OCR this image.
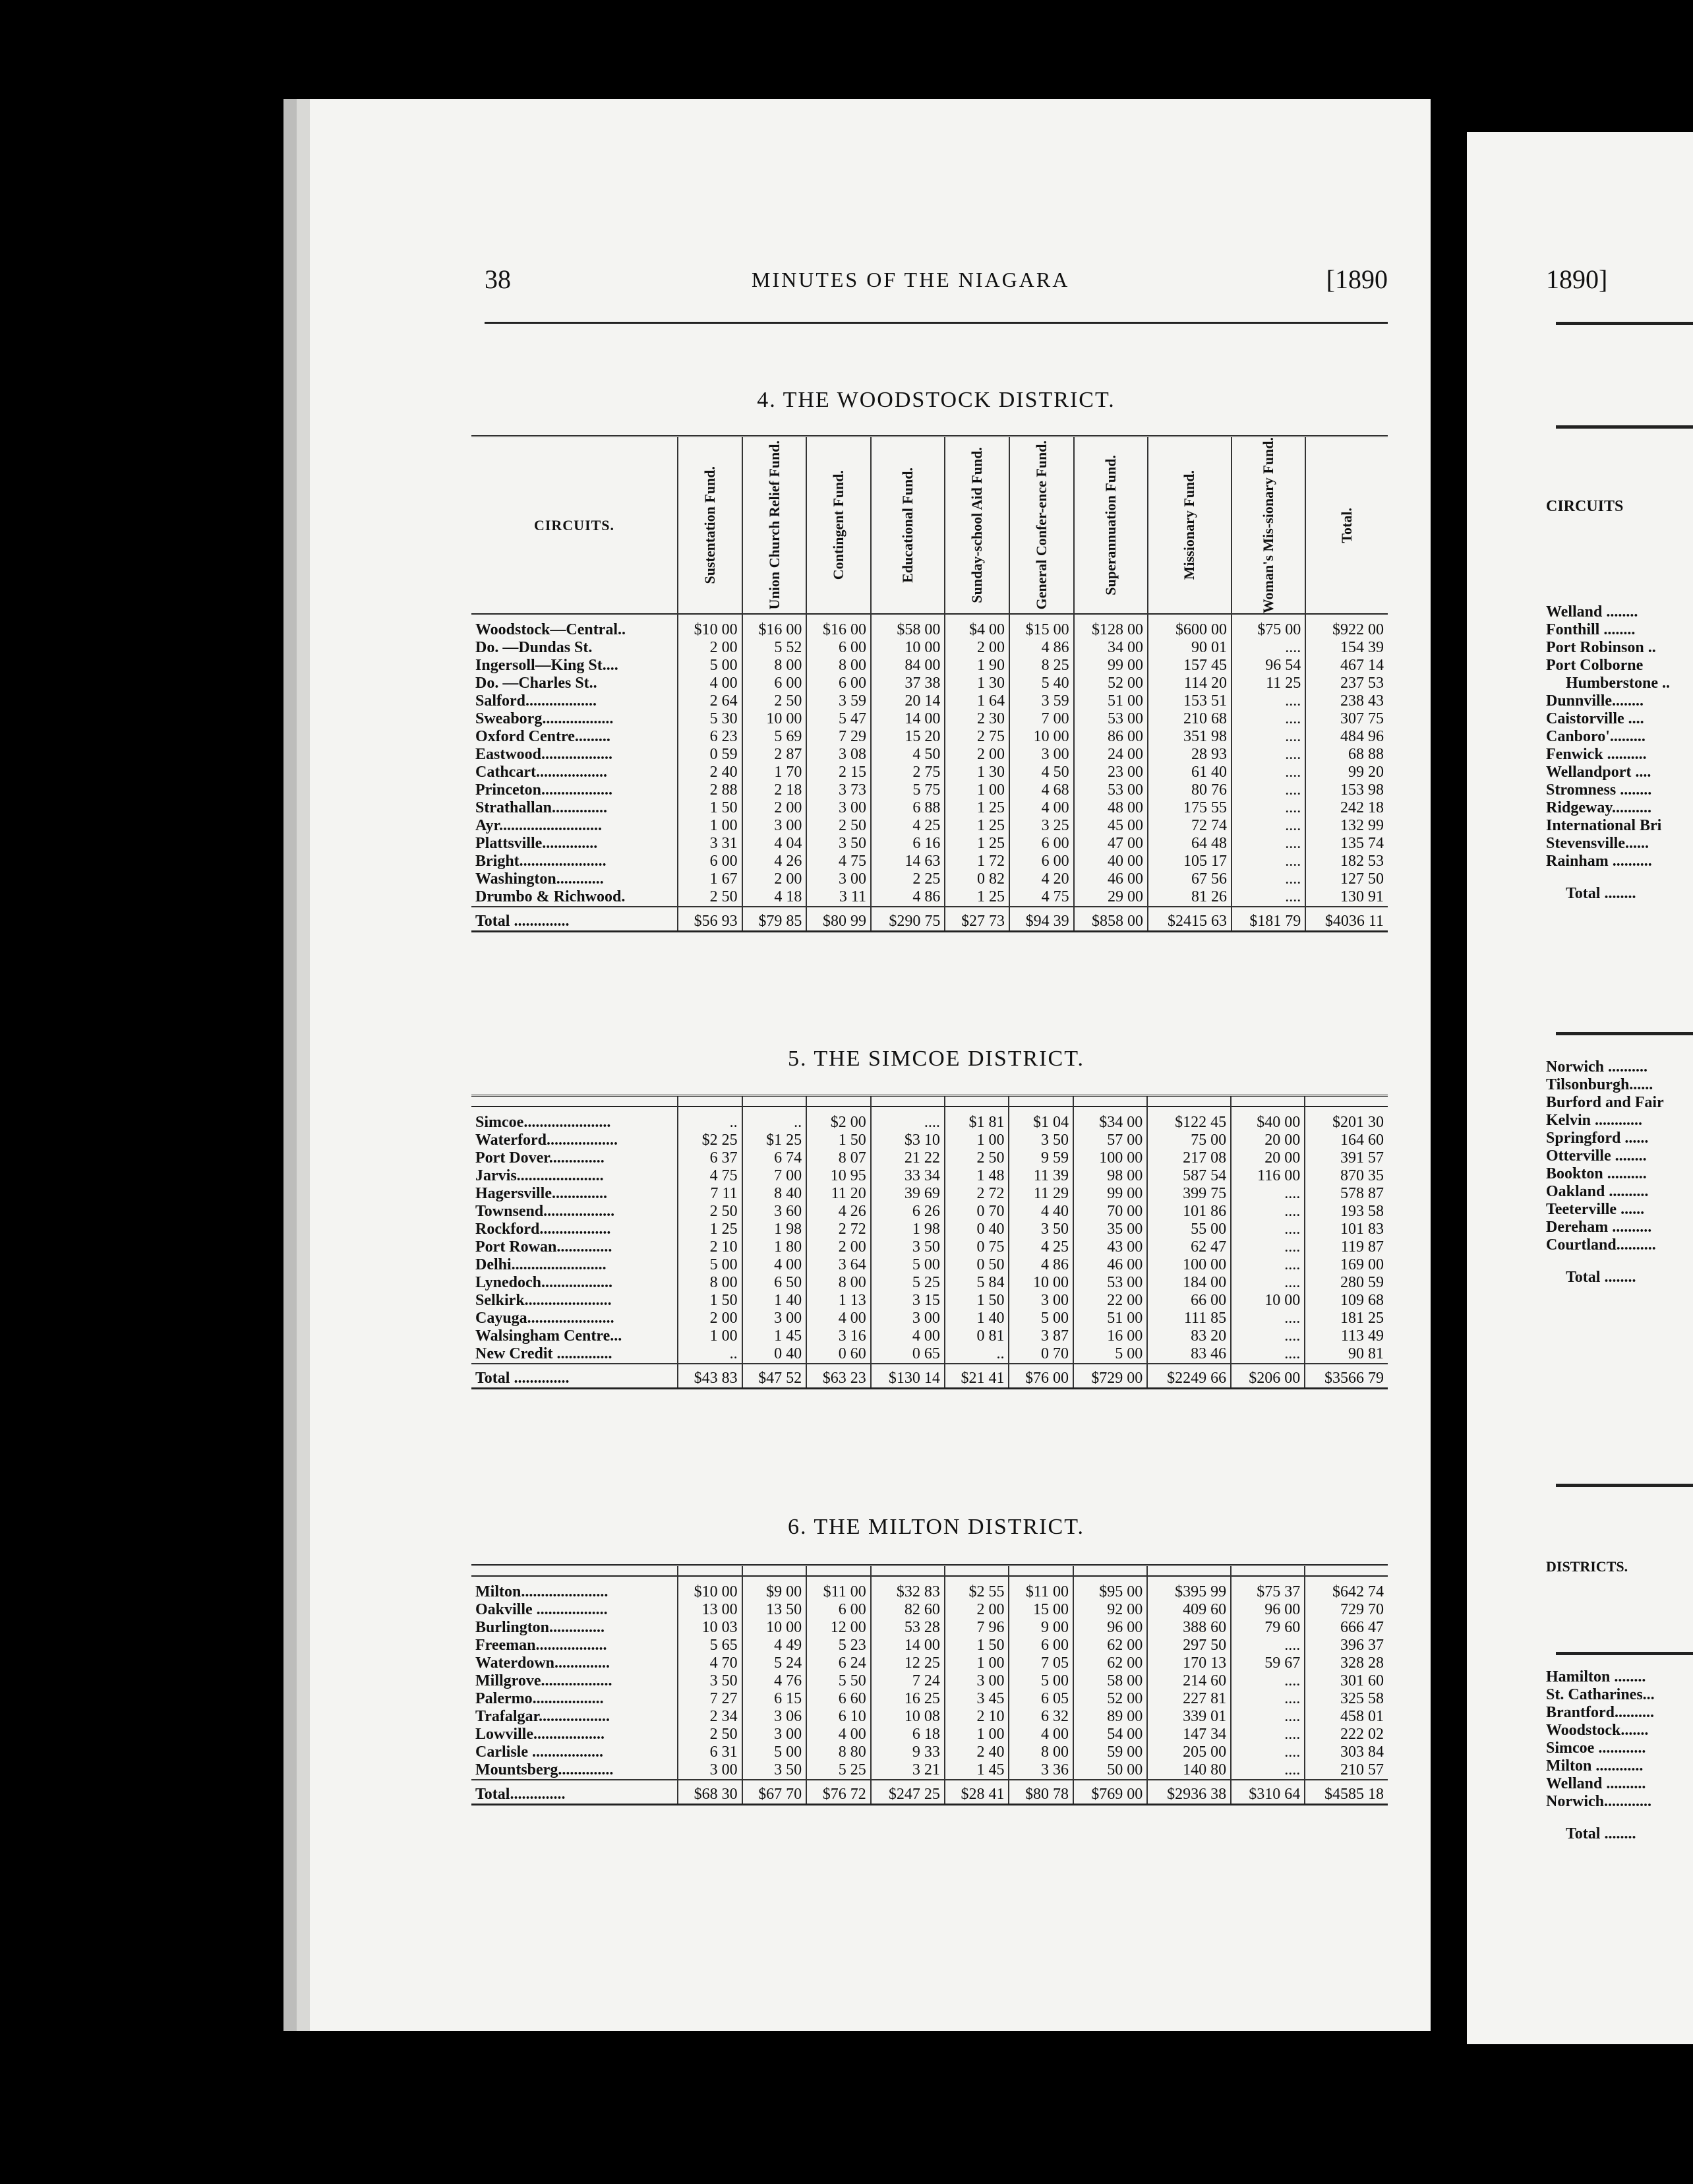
38	MINUTES OF THE NIAGARA	[1890
4. THE WOODSTOCK DISTRICT.
CIRCUITS.	Sustentation Fund.	Union Church Relief Fund.	Contingent Fund.	Educational Fund.	Sunday-school Aid Fund.	General Confer-ence Fund.	Superannuation Fund.	Missionary Fund.	Woman's Mis-sionary Fund.	Total.

Woodstock—Central..	$10 00	$16 00	$16 00	$58 00	$4 00	$15 00	$128 00	$600 00	$75 00	$922 00
Do. —Dundas St.	2 00	5 52	6 00	10 00	2 00	4 86	34 00	90 01	....	154 39
Ingersoll—King St....	5 00	8 00	8 00	84 00	1 90	8 25	99 00	157 45	96 54	467 14
Do. —Charles St..	4 00	6 00	6 00	37 38	1 30	5 40	52 00	114 20	11 25	237 53
Salford..................	2 64	2 50	3 59	20 14	1 64	3 59	51 00	153 51	....	238 43
Sweaborg..................	5 30	10 00	5 47	14 00	2 30	7 00	53 00	210 68	....	307 75
Oxford Centre.........	6 23	5 69	7 29	15 20	2 75	10 00	86 00	351 98	....	484 96
Eastwood..................	0 59	2 87	3 08	4 50	2 00	3 00	24 00	28 93	....	68 88
Cathcart..................	2 40	1 70	2 15	2 75	1 30	4 50	23 00	61 40	....	99 20
Princeton..................	2 88	2 18	3 73	5 75	1 00	4 68	53 00	80 76	....	153 98
Strathallan..............	1 50	2 00	3 00	6 88	1 25	4 00	48 00	175 55	....	242 18
Ayr..........................	1 00	3 00	2 50	4 25	1 25	3 25	45 00	72 74	....	132 99
Plattsville..............	3 31	4 04	3 50	6 16	1 25	6 00	47 00	64 48	....	135 74
Bright......................	6 00	4 26	4 75	14 63	1 72	6 00	40 00	105 17	....	182 53
Washington............	1 67	2 00	3 00	2 25	0 82	4 20	46 00	67 56	....	127 50
Drumbo & Richwood.	2 50	4 18	3 11	4 86	1 25	4 75	29 00	81 26	....	130 91
Total ..............	$56 93	$79 85	$80 99	$290 75	$27 73	$94 39	$858 00	$2415 63	$181 79	$4036 11
5. THE SIMCOE DISTRICT.

Simcoe......................	..	..	$2 00	....	$1 81	$1 04	$34 00	$122 45	$40 00	$201 30
Waterford..................	$2 25	$1 25	1 50	$3 10	1 00	3 50	57 00	75 00	20 00	164 60
Port Dover..............	6 37	6 74	8 07	21 22	2 50	9 59	100 00	217 08	20 00	391 57
Jarvis......................	4 75	7 00	10 95	33 34	1 48	11 39	98 00	587 54	116 00	870 35
Hagersville..............	7 11	8 40	11 20	39 69	2 72	11 29	99 00	399 75	....	578 87
Townsend..................	2 50	3 60	4 26	6 26	0 70	4 40	70 00	101 86	....	193 58
Rockford..................	1 25	1 98	2 72	1 98	0 40	3 50	35 00	55 00	....	101 83
Port Rowan..............	2 10	1 80	2 00	3 50	0 75	4 25	43 00	62 47	....	119 87
Delhi........................	5 00	4 00	3 64	5 00	0 50	4 86	46 00	100 00	....	169 00
Lynedoch..................	8 00	6 50	8 00	5 25	5 84	10 00	53 00	184 00	....	280 59
Selkirk......................	1 50	1 40	1 13	3 15	1 50	3 00	22 00	66 00	10 00	109 68
Cayuga......................	2 00	3 00	4 00	3 00	1 40	5 00	51 00	111 85	....	181 25
Walsingham Centre...	1 00	1 45	3 16	4 00	0 81	3 87	16 00	83 20	....	113 49
New Credit ..............	..	0 40	0 60	0 65	..	0 70	5 00	83 46	....	90 81
Total ..............	$43 83	$47 52	$63 23	$130 14	$21 41	$76 00	$729 00	$2249 66	$206 00	$3566 79
6. THE MILTON DISTRICT.

Milton......................	$10 00	$9 00	$11 00	$32 83	$2 55	$11 00	$95 00	$395 99	$75 37	$642 74
Oakville ..................	13 00	13 50	6 00	82 60	2 00	15 00	92 00	409 60	96 00	729 70
Burlington..............	10 03	10 00	12 00	53 28	7 96	9 00	96 00	388 60	79 60	666 47
Freeman..................	5 65	4 49	5 23	14 00	1 50	6 00	62 00	297 50	....	396 37
Waterdown..............	4 70	5 24	6 24	12 25	1 00	7 05	62 00	170 13	59 67	328 28
Millgrove..................	3 50	4 76	5 50	7 24	3 00	5 00	58 00	214 60	....	301 60
Palermo..................	7 27	6 15	6 60	16 25	3 45	6 05	52 00	227 81	....	325 58
Trafalgar..................	2 34	3 06	6 10	10 08	2 10	6 32	89 00	339 01	....	458 01
Lowville..................	2 50	3 00	4 00	6 18	1 00	4 00	54 00	147 34	....	222 02
Carlisle ..................	6 31	5 00	8 80	9 33	2 40	8 00	59 00	205 00	....	303 84
Mountsberg..............	3 00	3 50	5 25	3 21	1 45	3 36	50 00	140 80	....	210 57
Total..............	$68 30	$67 70	$76 72	$247 25	$28 41	$80 78	$769 00	$2936 38	$310 64	$4585 18
1890]
CIRCUITS
Welland ........
Fonthill ........
Port Robinson ..
Port Colborne
Humberstone ..
Dunnville........
Caistorville ....
Canboro'.........
Fenwick ..........
Wellandport ....
Stromness ........
Ridgeway..........
International Bri
Stevensville......
Rainham ..........
Total ........
Norwich ..........
Tilsonburgh......
Burford and Fair
Kelvin ............
Springford ......
Otterville ........
Bookton ..........
Oakland ..........
Teeterville ......
Dereham ..........
Courtland..........
Total ........
DISTRICTS.
Hamilton ........
St. Catharines...
Brantford..........
Woodstock.......
Simcoe ............
Milton ............
Welland ..........
Norwich............
Total ........
